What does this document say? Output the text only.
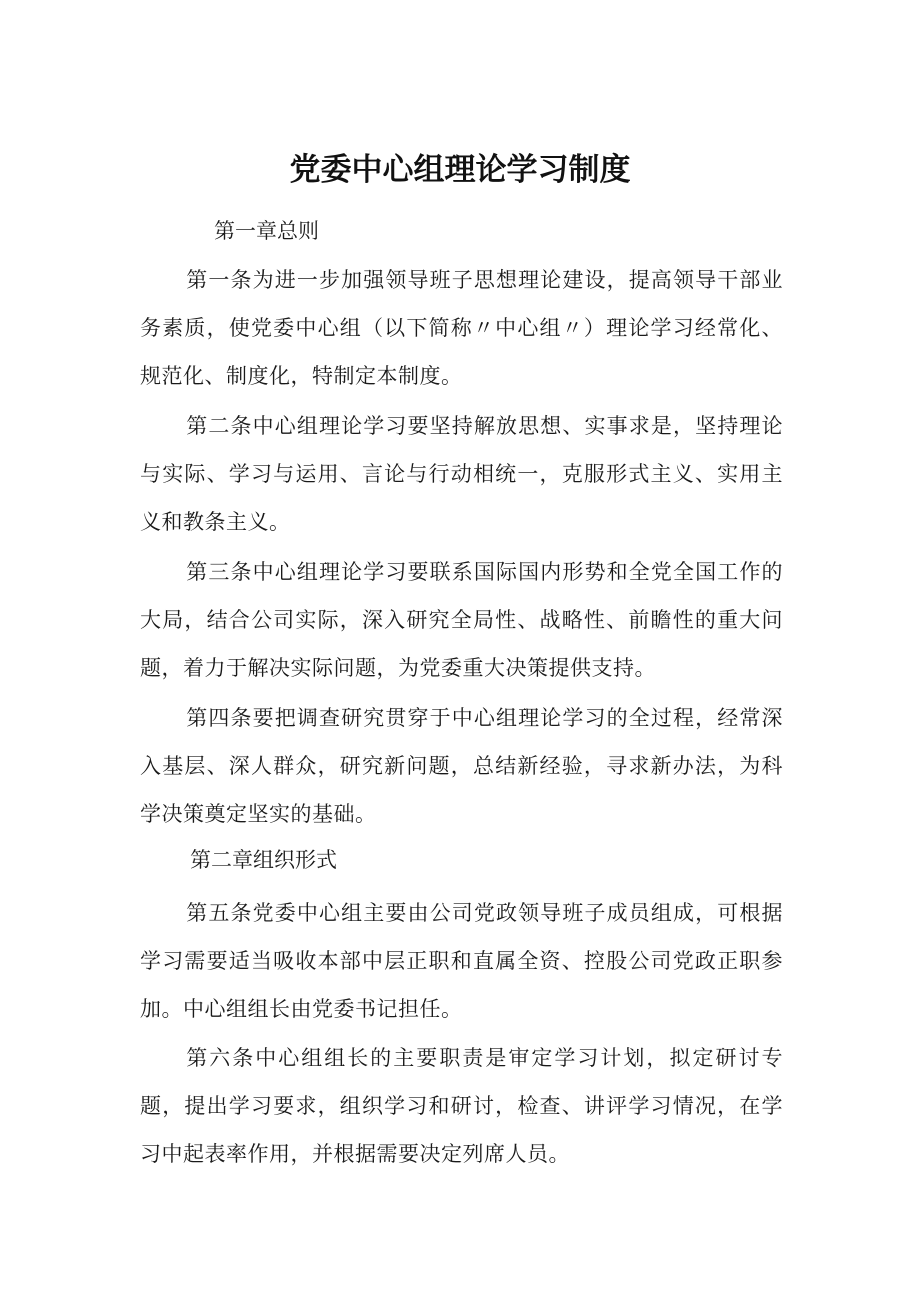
党委中心组理论学习制度
第一章总则
第一条为进一步加强领导班子思想理论建设，提高领导干部业务素质，使党委中心组（以下简称〃中心组〃）理论学习经常化、规范化、制度化，特制定本制度。
第二条中心组理论学习要坚持解放思想、实事求是，坚持理论与实际、学习与运用、言论与行动相统一，克服形式主义、实用主义和教条主义。
第三条中心组理论学习要联系国际国内形势和全党全国工作的大局，结合公司实际，深入研究全局性、战略性、前瞻性的重大问题，着力于解决实际问题，为党委重大决策提供支持。
第四条要把调查研究贯穿于中心组理论学习的全过程，经常深入基层、深人群众，研究新问题，总结新经验，寻求新办法，为科学决策奠定坚实的基础。
第二章组织形式
第五条党委中心组主要由公司党政领导班子成员组成，可根据学习需要适当吸收本部中层正职和直属全资、控股公司党政正职参加。中心组组长由党委书记担任。
第六条中心组组长的主要职责是审定学习计划，拟定研讨专题，提出学习要求，组织学习和研讨，检查、讲评学习情况，在学习中起表率作用，并根据需要决定列席人员。
